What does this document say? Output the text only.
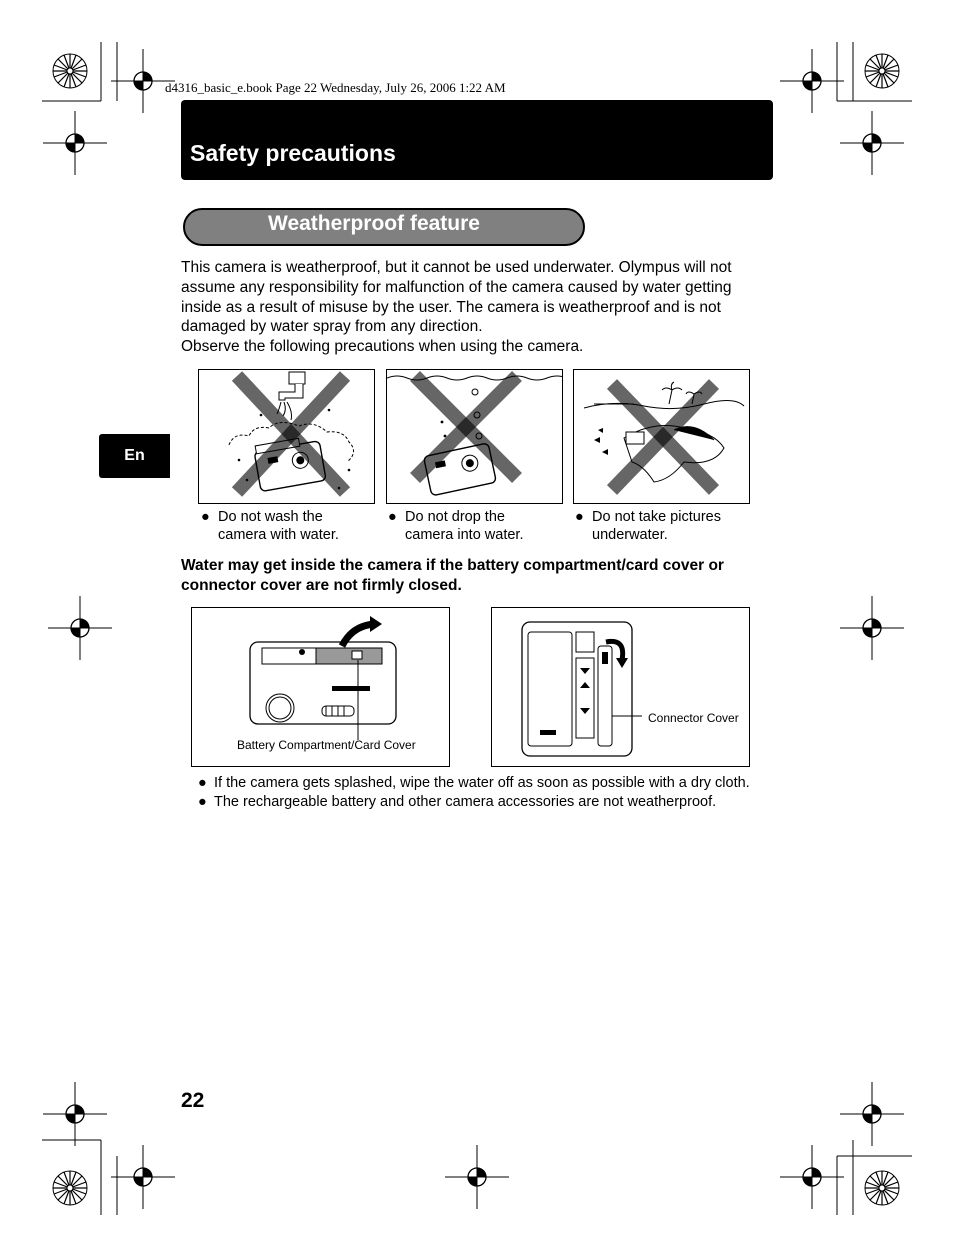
d4316_basic_e.book Page 22 Wednesday, July 26, 2006 1:22 AM
Safety precautions
Weatherproof feature

This camera is weatherproof, but it cannot be used underwater. Olympus will not assume any responsibility for malfunction of the camera caused by water getting inside as a result of misuse by the user. The camera is weatherproof and is not damaged by water spray from any direction.

Observe the following precautions when using the camera.

En
● Do not wash the
camera with water.
● Do not drop the
camera into water.
● Do not take pictures
underwater.
Water may get inside the camera if the battery compartment/card cover or connector cover are not firmly closed.
Battery Compartment/Card Cover
Connector Cover
● If the camera gets splashed, wipe the water off as soon as possible with a dry cloth.
● The rechargeable battery and other camera accessories are not weatherproof.
22
